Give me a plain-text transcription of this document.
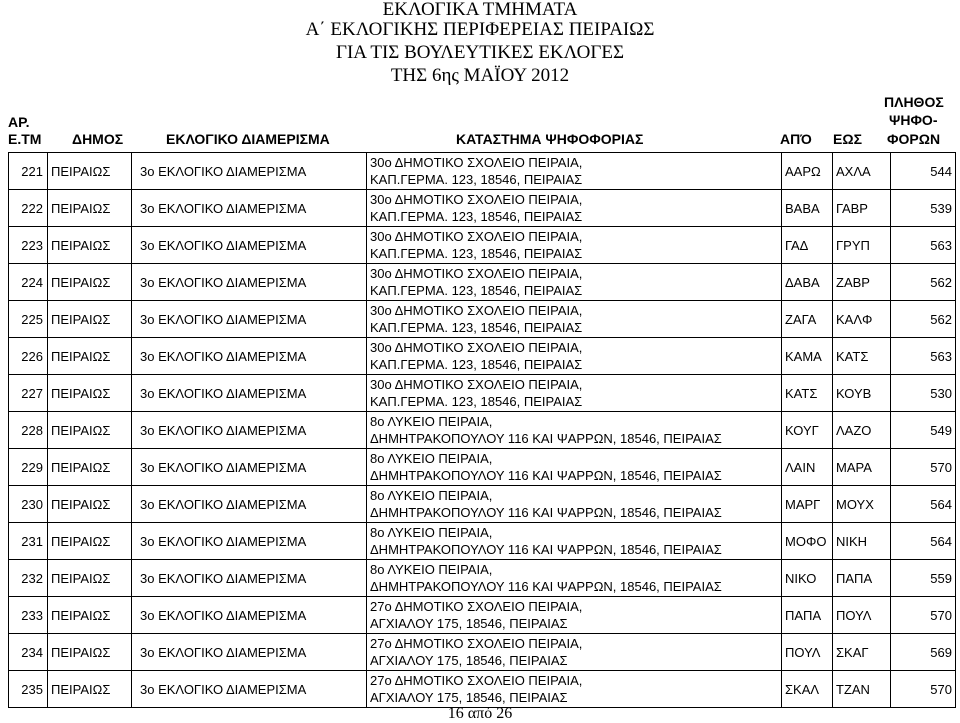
ΕΚΛΟΓΙΚΑ ΤΜΗΜΑΤΑ
Α΄ ΕΚΛΟΓΙΚΗΣ ΠΕΡΙΦΕΡΕΙΑΣ ΠΕΙΡΑΙΩΣ
ΓΙΑ ΤΙΣ ΒΟΥΛΕΥΤΙΚΕΣ ΕΚΛΟΓΕΣ
ΤΗΣ 6ης ΜΑΪΟΥ 2012
ΑΡ.
Ε.ΤΜ ΔΗΜΟΣ	ΕΚΛΟΓΙΚΟ ΔΙΑΜΕΡΙΣΜΑ	ΚΑΤΑΣΤΗΜΑ ΨΗΦΟΦΟΡΙΑΣ	ΑΠΌ ΕΩΣ
ΠΛΗΘΟΣ
ΨΗΦΟ-
ΦΟΡΩΝ
221	ΠΕΙΡΑΙΩΣ	3ο ΕΚΛΟΓΙΚΟ ΔΙΑΜΕΡΙΣΜΑ	30ο ΔΗΜΟΤΙΚΟ ΣΧΟΛΕΙΟ ΠΕΙΡΑΙΑ,
ΚΑΠ.ΓΕΡΜΑ. 123, 18546, ΠΕΙΡΑΙΑΣ	ΑΑΡΩ	ΑΧΛΑ	544
222	ΠΕΙΡΑΙΩΣ	3ο ΕΚΛΟΓΙΚΟ ΔΙΑΜΕΡΙΣΜΑ	30ο ΔΗΜΟΤΙΚΟ ΣΧΟΛΕΙΟ ΠΕΙΡΑΙΑ,
ΚΑΠ.ΓΕΡΜΑ. 123, 18546, ΠΕΙΡΑΙΑΣ	ΒΑΒΑ	ΓΑΒΡ	539
223	ΠΕΙΡΑΙΩΣ	3ο ΕΚΛΟΓΙΚΟ ΔΙΑΜΕΡΙΣΜΑ	30ο ΔΗΜΟΤΙΚΟ ΣΧΟΛΕΙΟ ΠΕΙΡΑΙΑ,
ΚΑΠ.ΓΕΡΜΑ. 123, 18546, ΠΕΙΡΑΙΑΣ	ΓΑΔ	ΓΡΥΠ	563
224	ΠΕΙΡΑΙΩΣ	3ο ΕΚΛΟΓΙΚΟ ΔΙΑΜΕΡΙΣΜΑ	30ο ΔΗΜΟΤΙΚΟ ΣΧΟΛΕΙΟ ΠΕΙΡΑΙΑ,
ΚΑΠ.ΓΕΡΜΑ. 123, 18546, ΠΕΙΡΑΙΑΣ	ΔΑΒΑ	ΖΑΒΡ	562
225	ΠΕΙΡΑΙΩΣ	3ο ΕΚΛΟΓΙΚΟ ΔΙΑΜΕΡΙΣΜΑ	30ο ΔΗΜΟΤΙΚΟ ΣΧΟΛΕΙΟ ΠΕΙΡΑΙΑ,
ΚΑΠ.ΓΕΡΜΑ. 123, 18546, ΠΕΙΡΑΙΑΣ	ΖΑΓΑ	ΚΑΛΦ	562
226	ΠΕΙΡΑΙΩΣ	3ο ΕΚΛΟΓΙΚΟ ΔΙΑΜΕΡΙΣΜΑ	30ο ΔΗΜΟΤΙΚΟ ΣΧΟΛΕΙΟ ΠΕΙΡΑΙΑ,
ΚΑΠ.ΓΕΡΜΑ. 123, 18546, ΠΕΙΡΑΙΑΣ	ΚΑΜΑ	ΚΑΤΣ	563
227	ΠΕΙΡΑΙΩΣ	3ο ΕΚΛΟΓΙΚΟ ΔΙΑΜΕΡΙΣΜΑ	30ο ΔΗΜΟΤΙΚΟ ΣΧΟΛΕΙΟ ΠΕΙΡΑΙΑ,
ΚΑΠ.ΓΕΡΜΑ. 123, 18546, ΠΕΙΡΑΙΑΣ	ΚΑΤΣ	ΚΟΥΒ	530
228	ΠΕΙΡΑΙΩΣ	3ο ΕΚΛΟΓΙΚΟ ΔΙΑΜΕΡΙΣΜΑ	8ο ΛΥΚΕΙΟ ΠΕΙΡΑΙΑ,
ΔΗΜΗΤΡΑΚΟΠΟΥΛΟΥ 116 ΚΑΙ ΨΑΡΡΩΝ, 18546, ΠΕΙΡΑΙΑΣ	ΚΟΥΓ	ΛΑΖΟ	549
229	ΠΕΙΡΑΙΩΣ	3ο ΕΚΛΟΓΙΚΟ ΔΙΑΜΕΡΙΣΜΑ	8ο ΛΥΚΕΙΟ ΠΕΙΡΑΙΑ,
ΔΗΜΗΤΡΑΚΟΠΟΥΛΟΥ 116 ΚΑΙ ΨΑΡΡΩΝ, 18546, ΠΕΙΡΑΙΑΣ	ΛΑΙΝ	ΜΑΡΑ	570
230	ΠΕΙΡΑΙΩΣ	3ο ΕΚΛΟΓΙΚΟ ΔΙΑΜΕΡΙΣΜΑ	8ο ΛΥΚΕΙΟ ΠΕΙΡΑΙΑ,
ΔΗΜΗΤΡΑΚΟΠΟΥΛΟΥ 116 ΚΑΙ ΨΑΡΡΩΝ, 18546, ΠΕΙΡΑΙΑΣ	ΜΑΡΓ	ΜΟΥΧ	564
231	ΠΕΙΡΑΙΩΣ	3ο ΕΚΛΟΓΙΚΟ ΔΙΑΜΕΡΙΣΜΑ	8ο ΛΥΚΕΙΟ ΠΕΙΡΑΙΑ,
ΔΗΜΗΤΡΑΚΟΠΟΥΛΟΥ 116 ΚΑΙ ΨΑΡΡΩΝ, 18546, ΠΕΙΡΑΙΑΣ	ΜΟΦΟ	ΝΙΚΗ	564
232	ΠΕΙΡΑΙΩΣ	3ο ΕΚΛΟΓΙΚΟ ΔΙΑΜΕΡΙΣΜΑ	8ο ΛΥΚΕΙΟ ΠΕΙΡΑΙΑ,
ΔΗΜΗΤΡΑΚΟΠΟΥΛΟΥ 116 ΚΑΙ ΨΑΡΡΩΝ, 18546, ΠΕΙΡΑΙΑΣ	ΝΙΚΟ	ΠΑΠΑ	559
233	ΠΕΙΡΑΙΩΣ	3ο ΕΚΛΟΓΙΚΟ ΔΙΑΜΕΡΙΣΜΑ	27ο ΔΗΜΟΤΙΚΟ ΣΧΟΛΕΙΟ ΠΕΙΡΑΙΑ,
ΑΓΧΙΑΛΟΥ 175, 18546, ΠΕΙΡΑΙΑΣ	ΠΑΠΑ	ΠΟΥΛ	570
234	ΠΕΙΡΑΙΩΣ	3ο ΕΚΛΟΓΙΚΟ ΔΙΑΜΕΡΙΣΜΑ	27ο ΔΗΜΟΤΙΚΟ ΣΧΟΛΕΙΟ ΠΕΙΡΑΙΑ,
ΑΓΧΙΑΛΟΥ 175, 18546, ΠΕΙΡΑΙΑΣ	ΠΟΥΛ	ΣΚΑΓ	569
235	ΠΕΙΡΑΙΩΣ	3ο ΕΚΛΟΓΙΚΟ ΔΙΑΜΕΡΙΣΜΑ	27ο ΔΗΜΟΤΙΚΟ ΣΧΟΛΕΙΟ ΠΕΙΡΑΙΑ,
ΑΓΧΙΑΛΟΥ 175, 18546, ΠΕΙΡΑΙΑΣ	ΣΚΑΛ	ΤΖΑΝ	570
16 από 26
